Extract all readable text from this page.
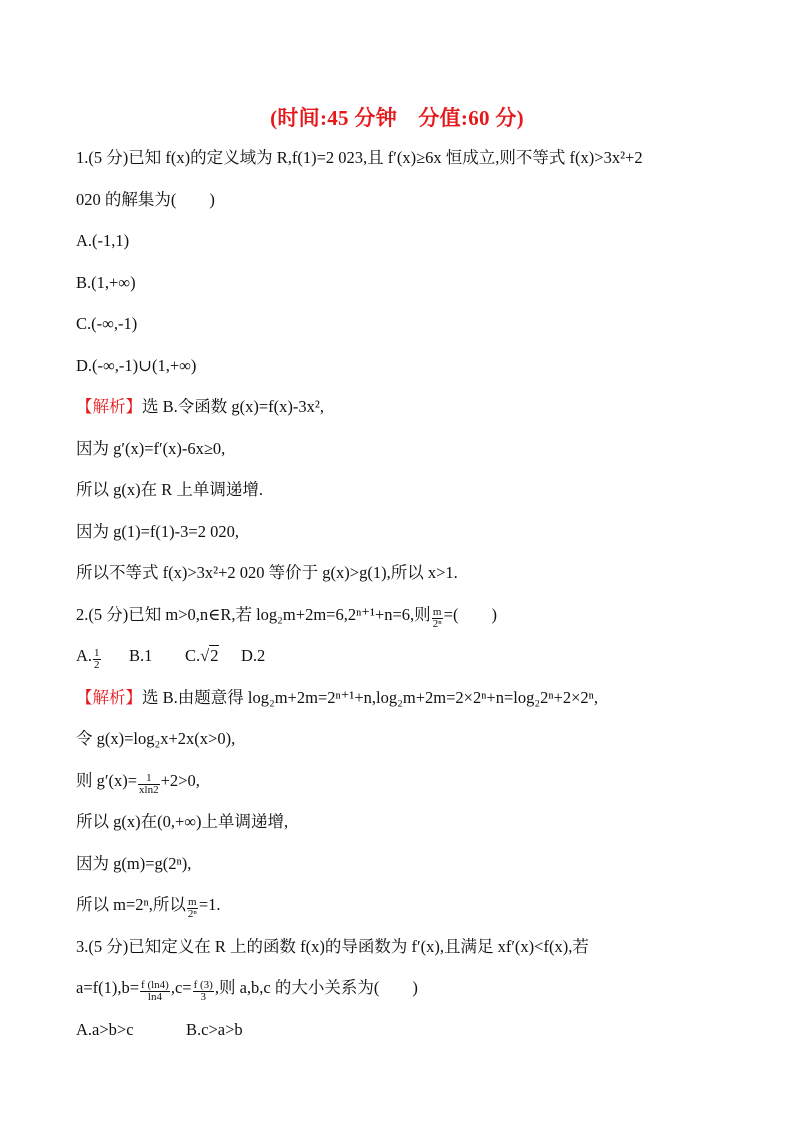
(时间:45 分钟　分值:60 分)
1.(5 分)已知 f(x)的定义域为 R,f(1)=2 023,且 f′(x)≥6x 恒成立,则不等式 f(x)>3x²+2
020 的解集为(　　)
A.(-1,1)
B.(1,+∞)
C.(-∞,-1)
D.(-∞,-1)∪(1,+∞)
【解析】选 B.令函数 g(x)=f(x)-3x²,
因为 g′(x)=f′(x)-6x≥0,
所以 g(x)在 R 上单调递增.
因为 g(1)=f(1)-3=2 020,
所以不等式 f(x)>3x²+2 020 等价于 g(x)>g(1),所以 x>1.
2.(5 分)已知 m>0,n∈R,若 log₂m+2m=6,2ⁿ⁺¹+n=6,则 $\frac{m}{\text{2ⁿ}}$ =(　　)
A. $\frac{1}{2} B.1$ C.√2 D.2
【解析】选 B.由题意得 log₂m+2m=2ⁿ⁺¹+n,log₂m+2m=2×2ⁿ+n=log₂2ⁿ+2×2ⁿ,
令 g(x)=log₂x+2x(x>0),
则 $g'(x)= \frac{1}{xln2} +2>0$,
所以 g(x)在(0,+∞)上单调递增,
因为 g(m)=g(2ⁿ),
所以 m=2ⁿ,所以 $\frac{m}{\text{2ⁿ}} =1$.
3.(5 分)已知定义在 R 上的函数 f(x)的导函数为 f′(x),且满足 xf′(x)<f(x),若
$a=f(1),b= \frac{f (\ln 4)}{\ln 4} ,c= \frac{f (3)}{3}$ ,则 a,b,c 的大小关系为(　　)
A.a>b>c	B.c>a>b
